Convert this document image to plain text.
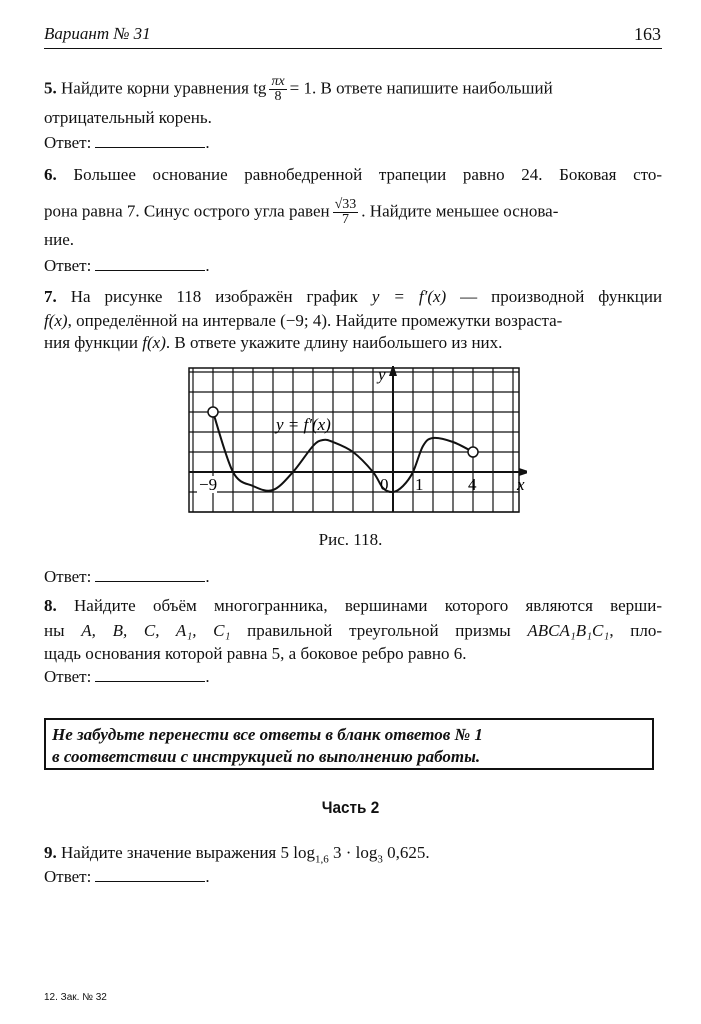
Вариант № 31	163
5. Найдите корни уравнения tg $\frac{\pi x}{8} = 1$. В ответе напишите наибольший
отрицательный корень.
Ответ:	.
6. Большее основание равнобедренной трапеции равно 24. Боковая сто-
рона равна 7. Синус острого угла равен $\frac{√33}{7}$ . Найдите меньшее основа-
ние.
Ответ:	.
7. На рисунке 118 изображён график y = f′(x) — производной функции
f(x), определённой на интервале (−9; 4). Найдите промежутки возраста-
ния функции f(x). В ответе укажите длину наибольшего из них.
−9	0 1	4 x
y
y = f′(x)
Рис. 118.
Ответ:	.
8. Найдите объём многогранника, вершинами которого являются верши-
ны A, B, C, A₁, C₁ правильной треугольной призмы ABCA₁B₁C₁, пло-
щадь основания которой равна 5, а боковое ребро равно 6.
Ответ:	.
Не забудьте перенести все ответы в бланк ответов № 1
в соответствии с инструкцией по выполнению работы.
Часть 2
9. Найдите значение выражения 5 $\log_{1,6} 3 \cdot \log_3 0,625$.
Ответ:	.
12. Зак. № 32
